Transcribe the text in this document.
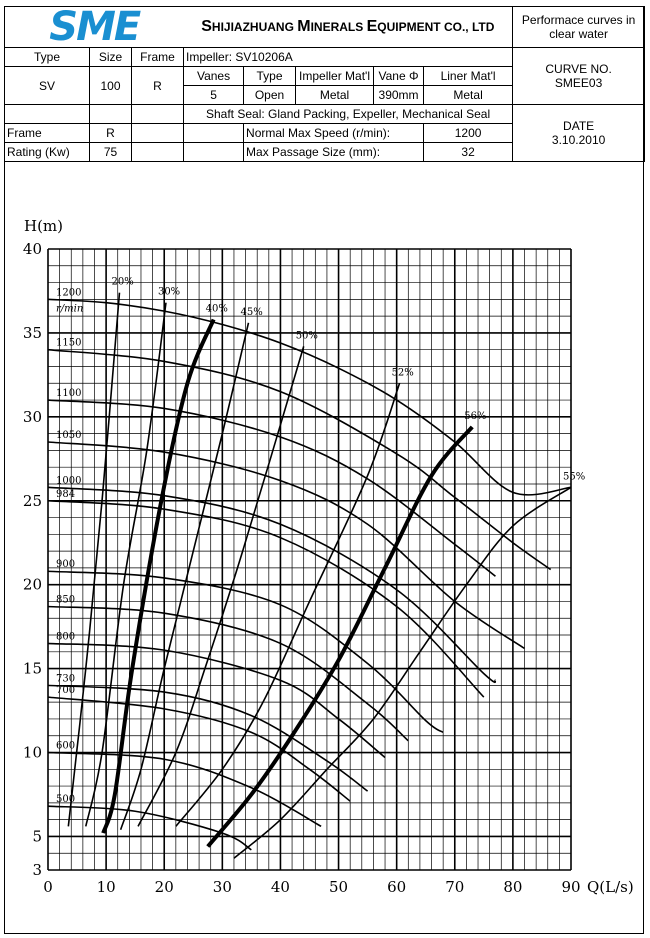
SME			SHIJIAZHUANG MINERALS EQUIPMENT CO., LTD					Performace curves in clear water
Type	Size	Frame	Impeller: SV10206A					CURVE NO.
SMEE03

SV	100	R	Vanes	Type	Impeller Mat'l	Vane Φ	Liner Mat'l	
			5	Open	Metal	390mm	Metal	
			Shaft Seal: Gland Packing, Expeller, Mechanical Seal					DATE
3.10.2010

Frame	R			Normal Max Speed (r/min):			1200	
Rating (Kw)	75			Max Passage Size (mm):			32	
0	10	20	30	40	50	60	70	80	90
3
5
10
15
20
25
30
35
40
1200
r/min
1150
1100
1050
1000
984
900
850
800
730
700
600
500
20%
30%
40% 45%
50%
52%
56%
55%
H(m)
Q(L/s)
